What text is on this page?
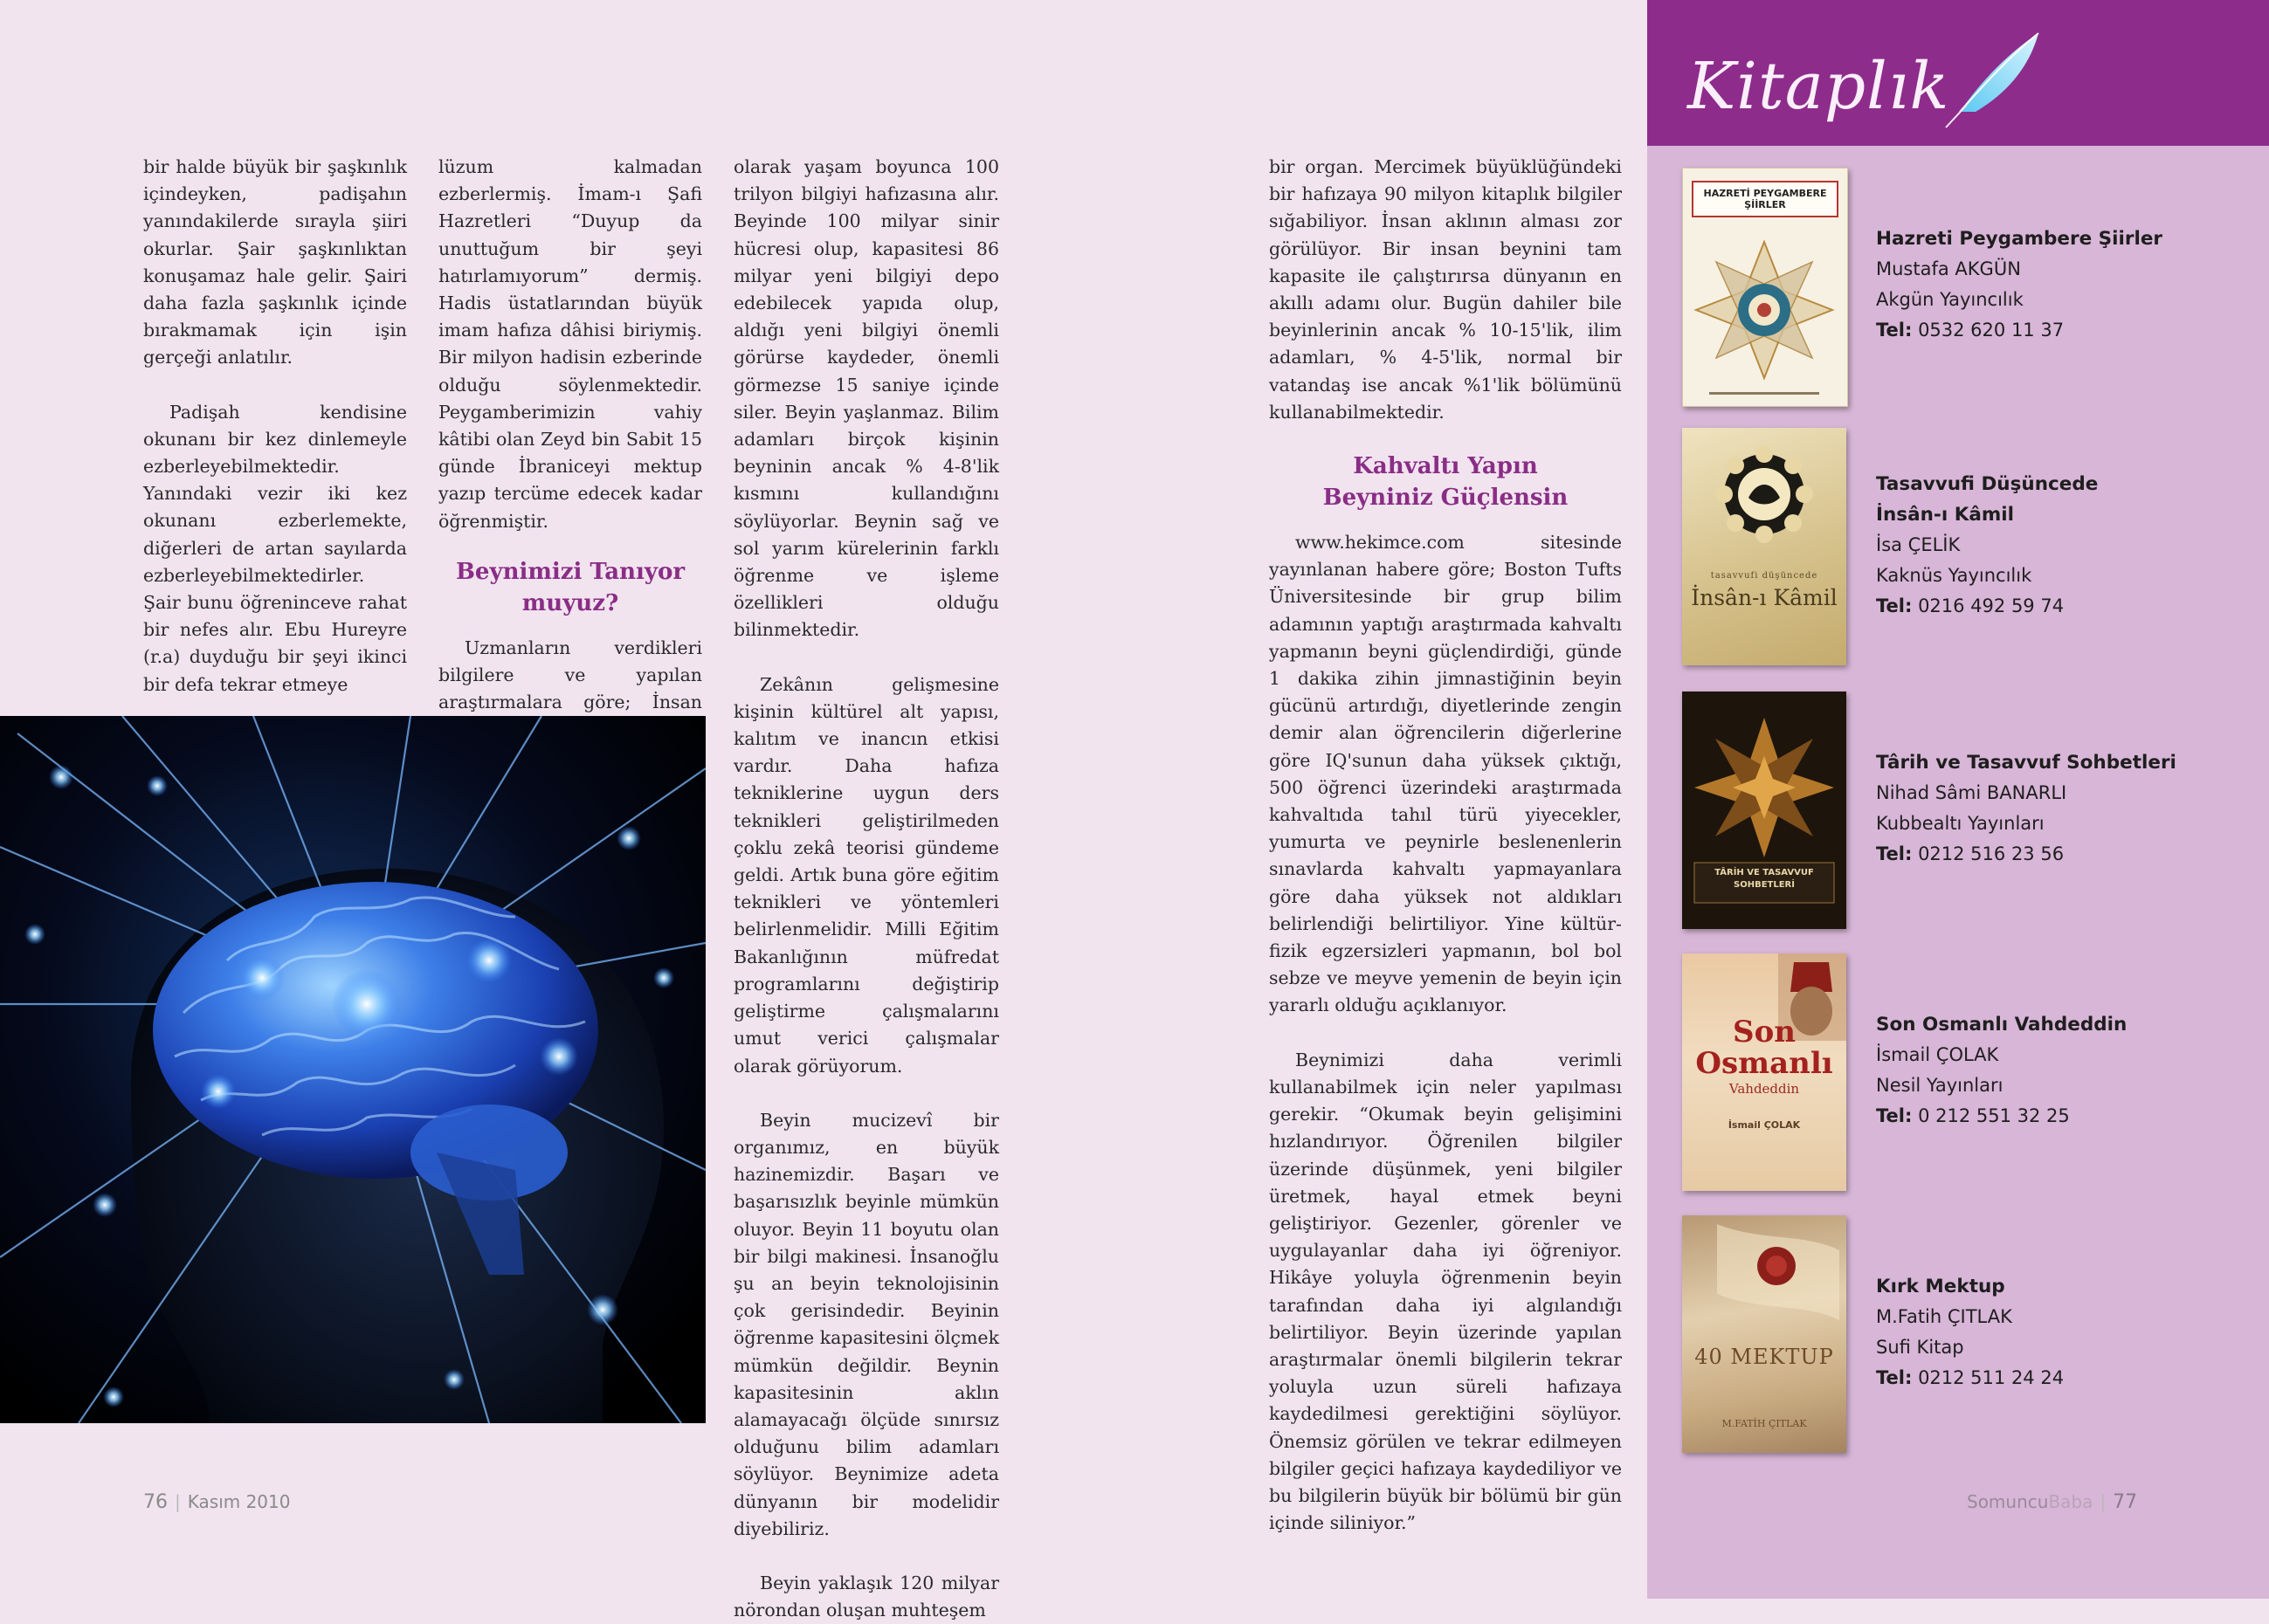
bir halde büyük bir şaşkınlık içindeyken, padişahın yanındakilerde sırayla şiiri okurlar. Şair şaşkınlıktan konuşamaz hale gelir. Şairi daha fazla şaşkınlık içinde bırakmamak için işin gerçeği anlatılır.

Padişah kendisine okunanı bir kez dinlemeyle ezberleyebilmektedir. Yanındaki vezir iki kez okunanı ezberlemekte, diğerleri de artan sayılarda ezberleyebilmektedirler. Şair bunu öğreninceve rahat bir nefes alır. Ebu Hureyre (r.a) duyduğu bir şeyi ikinci bir defa tekrar etmeye

lüzum kalmadan ezberlermiş. İmam-ı Şafi Hazretleri “Duyup da unuttuğum bir şeyi hatırlamıyorum” dermiş. Hadis üstatlarından büyük imam hafıza dâhisi biriymiş. Bir milyon hadisin ezberinde olduğu söylenmektedir. Peygamberimizin vahiy kâtibi olan Zeyd bin Sabit 15 günde İbraniceyi mektup yazıp tercüme edecek kadar öğrenmiştir.

Beynimizi Tanıyor muyuz?

Uzmanların verdikleri bilgilere ve yapılan araştırmalara göre; İnsan

olarak yaşam boyunca 100 trilyon bilgiyi hafızasına alır. Beyinde 100 milyar sinir hücresi olup, kapasitesi 86 milyar yeni bilgiyi depo edebilecek yapıda olup, aldığı yeni bilgiyi önemli görürse kaydeder, önemli görmezse 15 saniye içinde siler. Beyin yaşlanmaz. Bilim adamları birçok kişinin beyninin ancak % 4-8'lik kısmını kullandığını söylüyorlar. Beynin sağ ve sol yarım kürelerinin farklı öğrenme ve işleme özellikleri olduğu bilinmektedir.

Zekânın gelişmesine kişinin kültürel alt yapısı, kalıtım ve inancın etkisi vardır. Daha hafıza tekniklerine uygun ders teknikleri geliştirilmeden çoklu zekâ teorisi gündeme geldi. Artık buna göre eğitim teknikleri ve yöntemleri belirlenmelidir. Milli Eğitim Bakanlığının müfredat programlarını değiştirip geliştirme çalışmalarını umut verici çalışmalar olarak görüyorum.

Beyin mucizevî bir organımız, en büyük hazinemizdir. Başarı ve başarısızlık beyinle mümkün oluyor. Beyin 11 boyutu olan bir bilgi makinesi. İnsanoğlu şu an beyin teknolojisinin çok gerisindedir. Beyinin öğrenme kapasitesini ölçmek mümkün değildir. Beynin kapasitesinin aklın alamayacağı ölçüde sınırsız olduğunu bilim adamları söylüyor. Beynimize adeta dünyanın bir modelidir diyebiliriz.

Beyin yaklaşık 120 milyar nörondan oluşan muhteşem

76 | Kasım 2010

bir organ. Mercimek büyüklüğündeki bir hafızaya 90 milyon kitaplık bilgiler sığabiliyor. İnsan aklının alması zor görülüyor. Bir insan beynini tam kapasite ile çalıştırırsa dünyanın en akıllı adamı olur. Bugün dahiler bile beyinlerinin ancak % 10-15'lik, ilim adamları, % 4-5'lik, normal bir vatandaş ise ancak %1'lik bölümünü kullanabilmektedir.

Kahvaltı Yapın Beyniniz Güçlensin

www.hekimce.com sitesinde yayınlanan habere göre; Boston Tufts Üniversitesinde bir grup bilim adamının yaptığı araştırmada kahvaltı yapmanın beyni güçlendirdiği, günde 1 dakika zihin jimnastiğinin beyin gücünü artırdığı, diyetlerinde zengin demir alan öğrencilerin diğerlerine göre IQ'sunun daha yüksek çıktığı, 500 öğrenci üzerindeki araştırmada kahvaltıda tahıl türü yiyecekler, yumurta ve peynirle beslenenlerin sınavlarda kahvaltı yapmayanlara göre daha yüksek not aldıkları belirlendiği belirtiliyor. Yine kültür-fizik egzersizleri yapmanın, bol bol sebze ve meyve yemenin de beyin için yararlı olduğu açıklanıyor.

Beynimizi daha verimli kullanabilmek için neler yapılması gerekir. “Okumak beyin gelişimini hızlandırıyor. Öğrenilen bilgiler üzerinde düşünmek, yeni bilgiler üretmek, hayal etmek beyni geliştiriyor. Gezenler, görenler ve uygulayanlar daha iyi öğreniyor. Hikâye yoluyla öğrenmenin beyin tarafından daha iyi algılandığı belirtiliyor. Beyin üzerinde yapılan araştırmalar önemli bilgilerin tekrar yoluyla uzun süreli hafızaya kaydedilmesi gerektiğini söylüyor. Önemsiz görülen ve tekrar edilmeyen bilgiler geçici hafızaya kaydediliyor ve bu bilgilerin büyük bir bölümü bir gün içinde siliniyor.”

Kitaplık
HAZRETİ PEYGAMBERE
ŞİİRLER
Hazreti Peygambere Şiirler
Mustafa AKGÜN
Akgün Yayıncılık
Tel: 0532 620 11 37
tasavvufi düşüncede
İnsân-ı Kâmil
Tasavvufi Düşüncede
İnsân-ı Kâmil
İsa ÇELİK
Kaknüs Yayıncılık
Tel: 0216 492 59 74
TÂRİH VE TASAVVUF
SOHBETLERİ
Târih ve Tasavvuf Sohbetleri
Nihad Sâmi BANARLI
Kubbealtı Yayınları
Tel: 0212 516 23 56
Son Osmanlı
Vahdeddin
İsmail ÇOLAK
Son Osmanlı Vahdeddin
İsmail ÇOLAK
Nesil Yayınları
Tel: 0 212 551 32 25
40 MEKTUP
M.FATİH ÇITLAK
Kırk Mektup
M.Fatih ÇITLAK
Sufi Kitap
Tel: 0212 511 24 24
SomuncuBaba | 77
